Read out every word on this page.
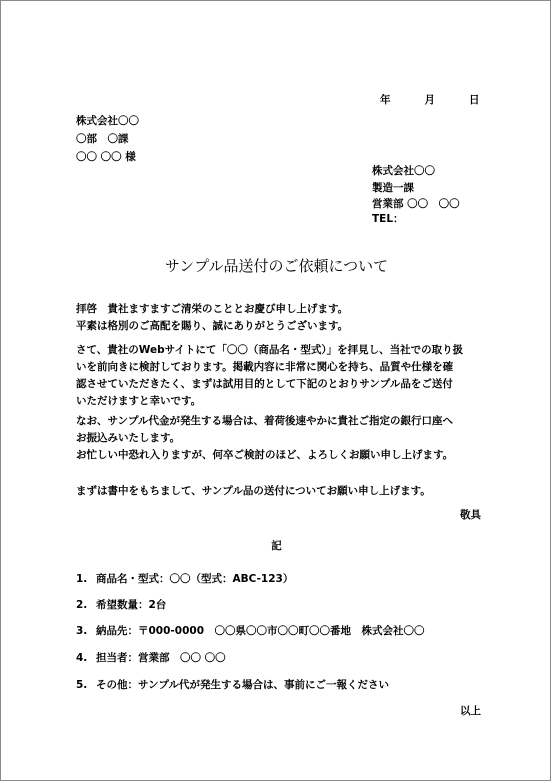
年	月	日
株式会社〇〇
〇部　〇課
〇〇 〇〇 様
株式会社〇〇
製造一課
営業部 〇〇　〇〇
TEL：
サンプル品送付のご依頼について

拝啓　貴社ますますご清栄のこととお慶び申し上げます。

平素は格別のご高配を賜り、誠にありがとうございます。

さて、貴社のWebサイトにて「〇〇（商品名・型式）」を拝見し、当社での取り扱

いを前向きに検討しております。掲載内容に非常に関心を持ち、品質や仕様を確

認させていただきたく、まずは試用目的として下記のとおりサンプル品をご送付

いただけますと幸いです。

なお、サンプル代金が発生する場合は、着荷後速やかに貴社ご指定の銀行口座へ

お振込みいたします。

お忙しい中恐れ入りますが、何卒ご検討のほど、よろしくお願い申し上げます。

まずは書中をもちまして、サンプル品の送付についてお願い申し上げます。

敬具
記
1. 商品名・型式：〇〇（型式：ABC-123）
2. 希望数量：2台
3. 納品先：〒000-0000　〇〇県〇〇市〇〇町〇〇番地　株式会社〇〇
4. 担当者：営業部　〇〇 〇〇
5. その他：サンプル代が発生する場合は、事前にご一報ください
以上
